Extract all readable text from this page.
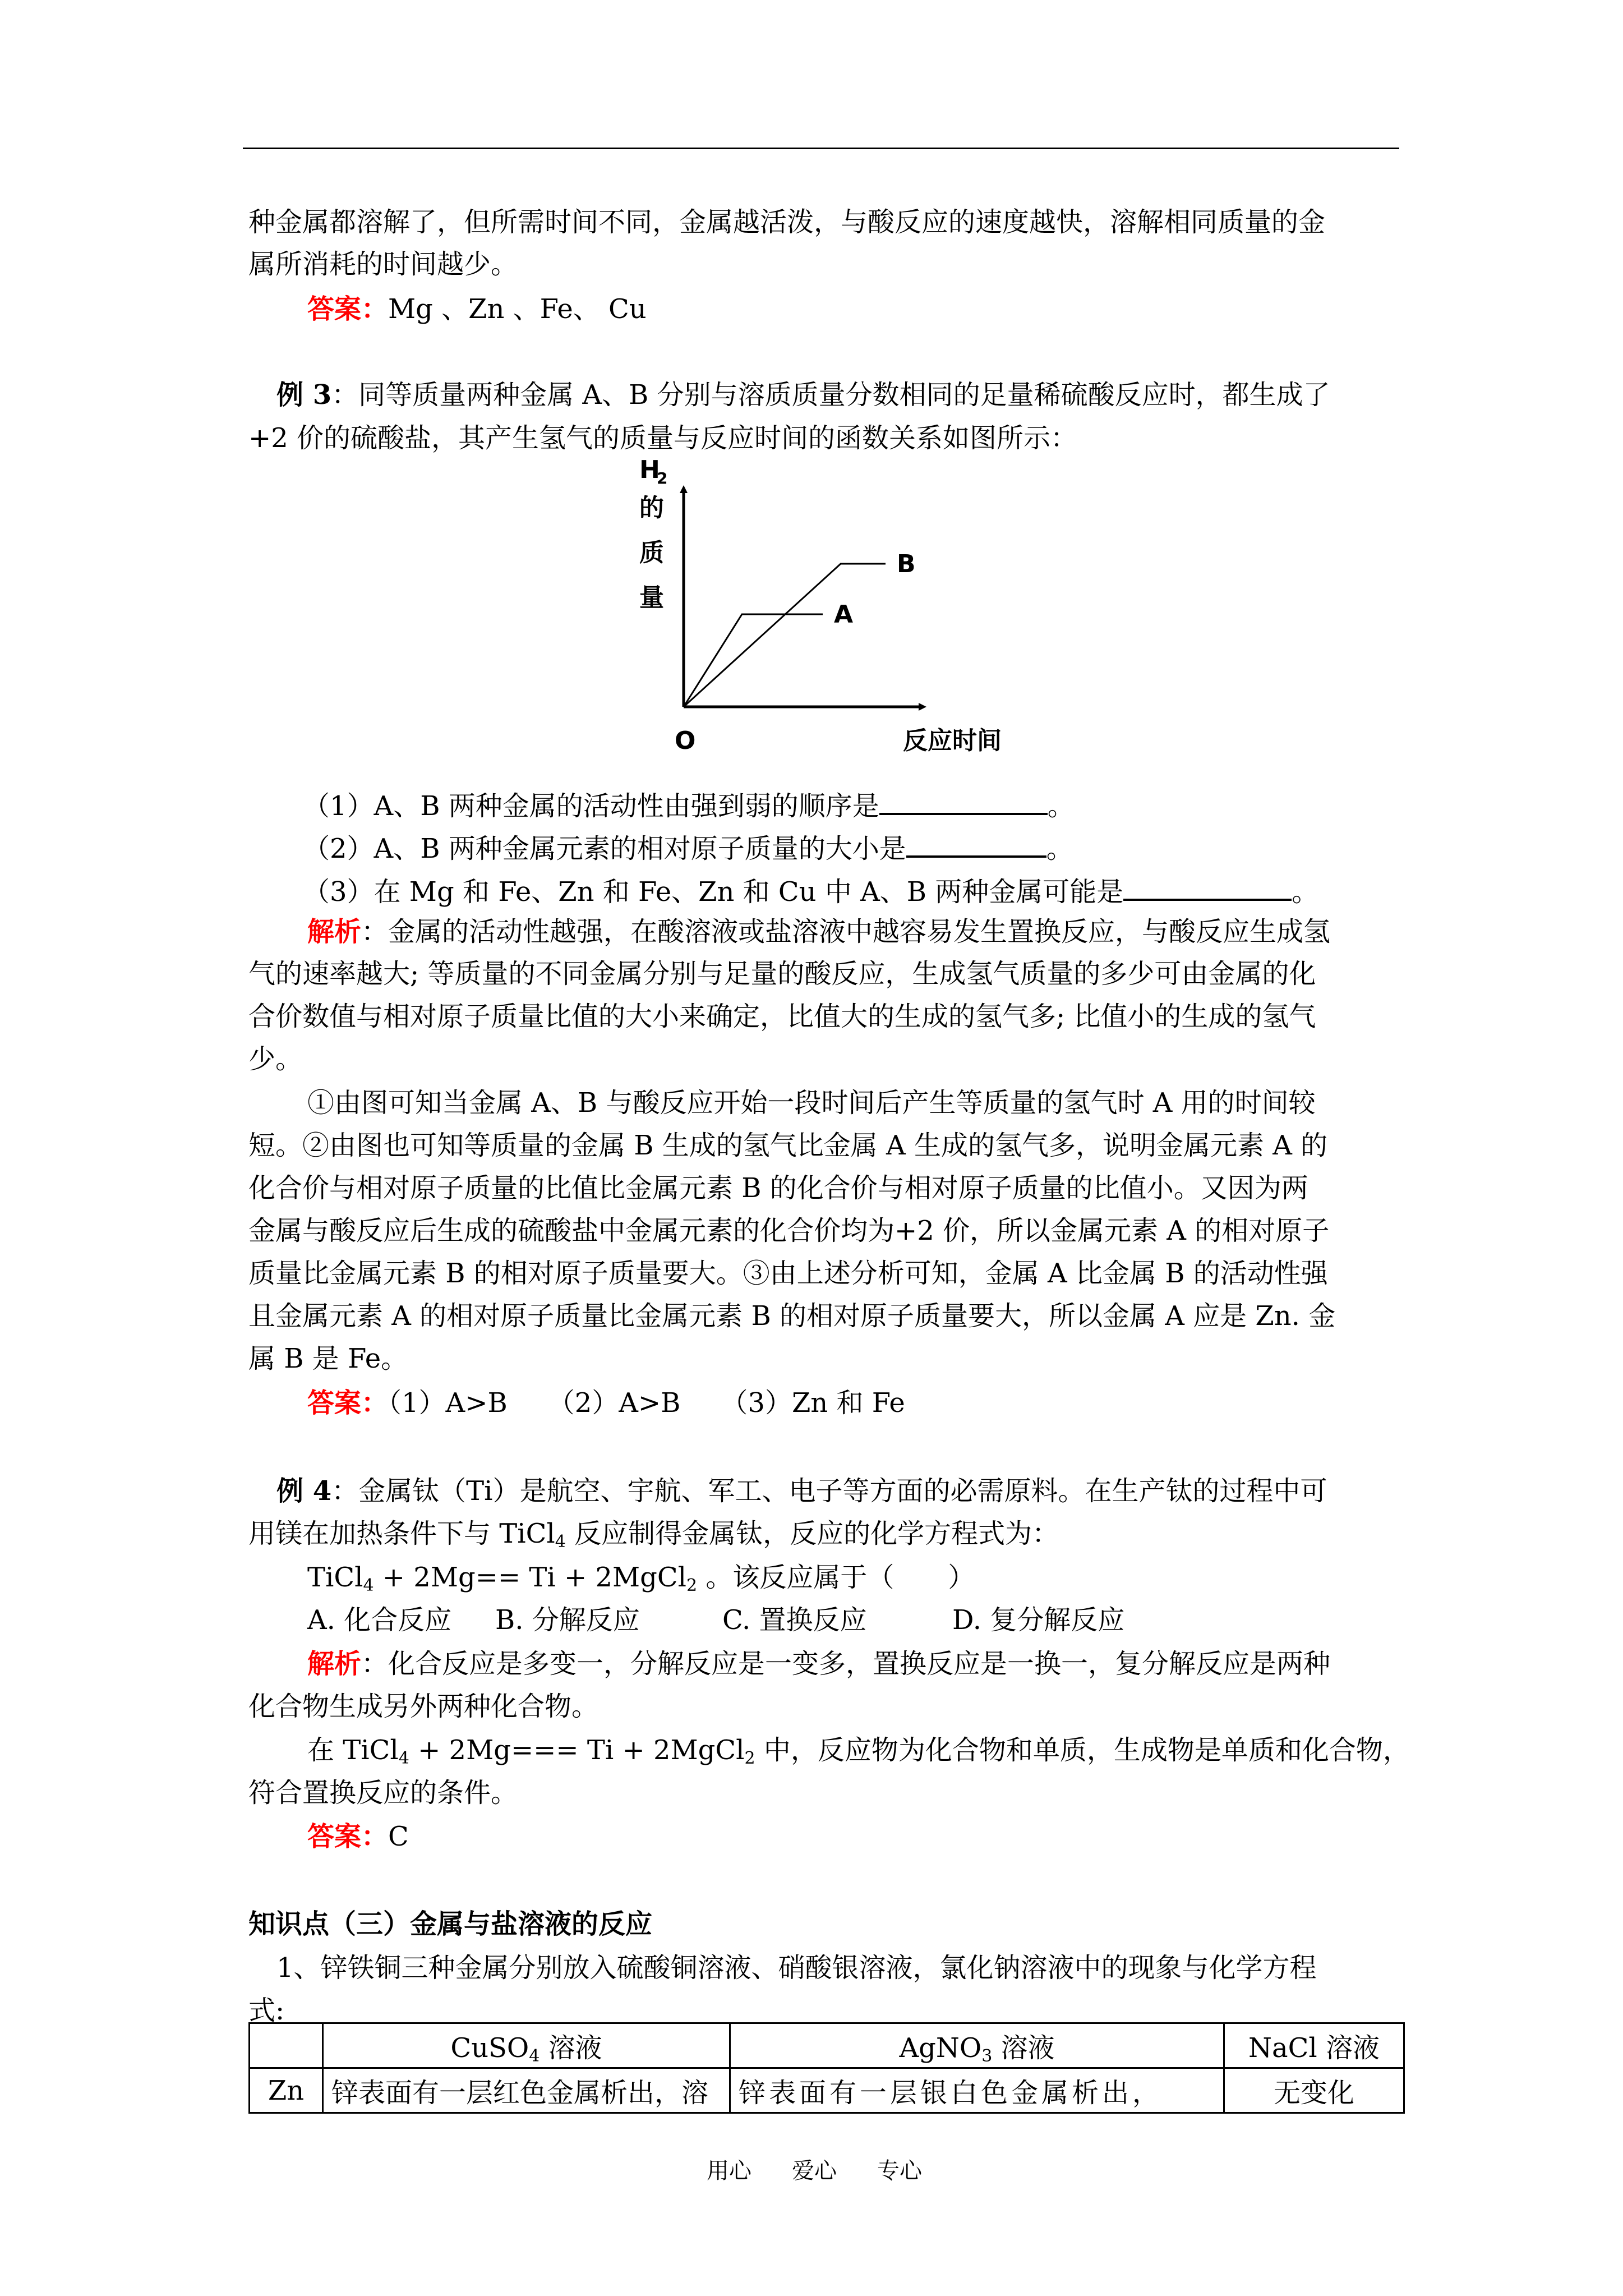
种金属都溶解了，但所需时间不同，金属越活泼，与酸反应的速度越快，溶解相同质量的金
属所消耗的时间越少。
答案：Mg 、Zn 、Fe、 Cu
例 3：同等质量两种金属 A、B 分别与溶质质量分数相同的足量稀硫酸反应时，都生成了
+2 价的硫酸盐，其产生氢气的质量与反应时间的函数关系如图所示：
H
2
的
质
量
O	反应时间
A
B
（1）A、B 两种金属的活动性由强到弱的顺序是	。
（2）A、B 两种金属元素的相对原子质量的大小是	。
（3）在 Mg 和 Fe、Zn 和 Fe、Zn 和 Cu 中 A、B 两种金属可能是	。
解析：金属的活动性越强，在酸溶液或盐溶液中越容易发生置换反应，与酸反应生成氢
气的速率越大; 等质量的不同金属分别与足量的酸反应，生成氢气质量的多少可由金属的化
合价数值与相对原子质量比值的大小来确定，比值大的生成的氢气多; 比值小的生成的氢气
少。
①由图可知当金属 A、B 与酸反应开始一段时间后产生等质量的氢气时 A 用的时间较
短。②由图也可知等质量的金属 B 生成的氢气比金属 A 生成的氢气多，说明金属元素 A 的
化合价与相对原子质量的比值比金属元素 B 的化合价与相对原子质量的比值小。又因为两
金属与酸反应后生成的硫酸盐中金属元素的化合价均为+2 价，所以金属元素 A 的相对原子
质量比金属元素 B 的相对原子质量要大。③由上述分析可知，金属 A 比金属 B 的活动性强
且金属元素 A 的相对原子质量比金属元素 B 的相对原子质量要大，所以金属 A 应是 Zn. 金
属 B 是 Fe。
答案：（1）A>B　　（2）A>B　　（3）Zn 和 Fe
例 4：金属钛（Ti）是航空、宇航、军工、电子等方面的必需原料。在生产钛的过程中可
用镁在加热条件下与 TiCl$_4$ 反应制得金属钛，反应的化学方程式为：
TiCl$_4$ + 2Mg== Ti + 2MgCl$_2$ 。该反应属于（　　）
A. 化合反应 B. 分解反应	C. 置换反应	D. 复分解反应
解析：化合反应是多变一，分解反应是一变多，置换反应是一换一，复分解反应是两种
化合物生成另外两种化合物。
在 TiCl$_4$ + 2Mg=== Ti + 2MgCl$_2$ 中，反应物为化合物和单质，生成物是单质和化合物，
符合置换反应的条件。
答案：C
知识点（三）金属与盐溶液的反应
1、锌铁铜三种金属分别放入硫酸铜溶液、硝酸银溶液，氯化钠溶液中的现象与化学方程
式:
	CuSO$_4$ 溶液	AgNO$_3$ 溶液	NaCl 溶液
Zn	锌表面有一层红色金属析出，溶	锌表面有一层银白色金属析出，	无变化
用心 爱心 专心
